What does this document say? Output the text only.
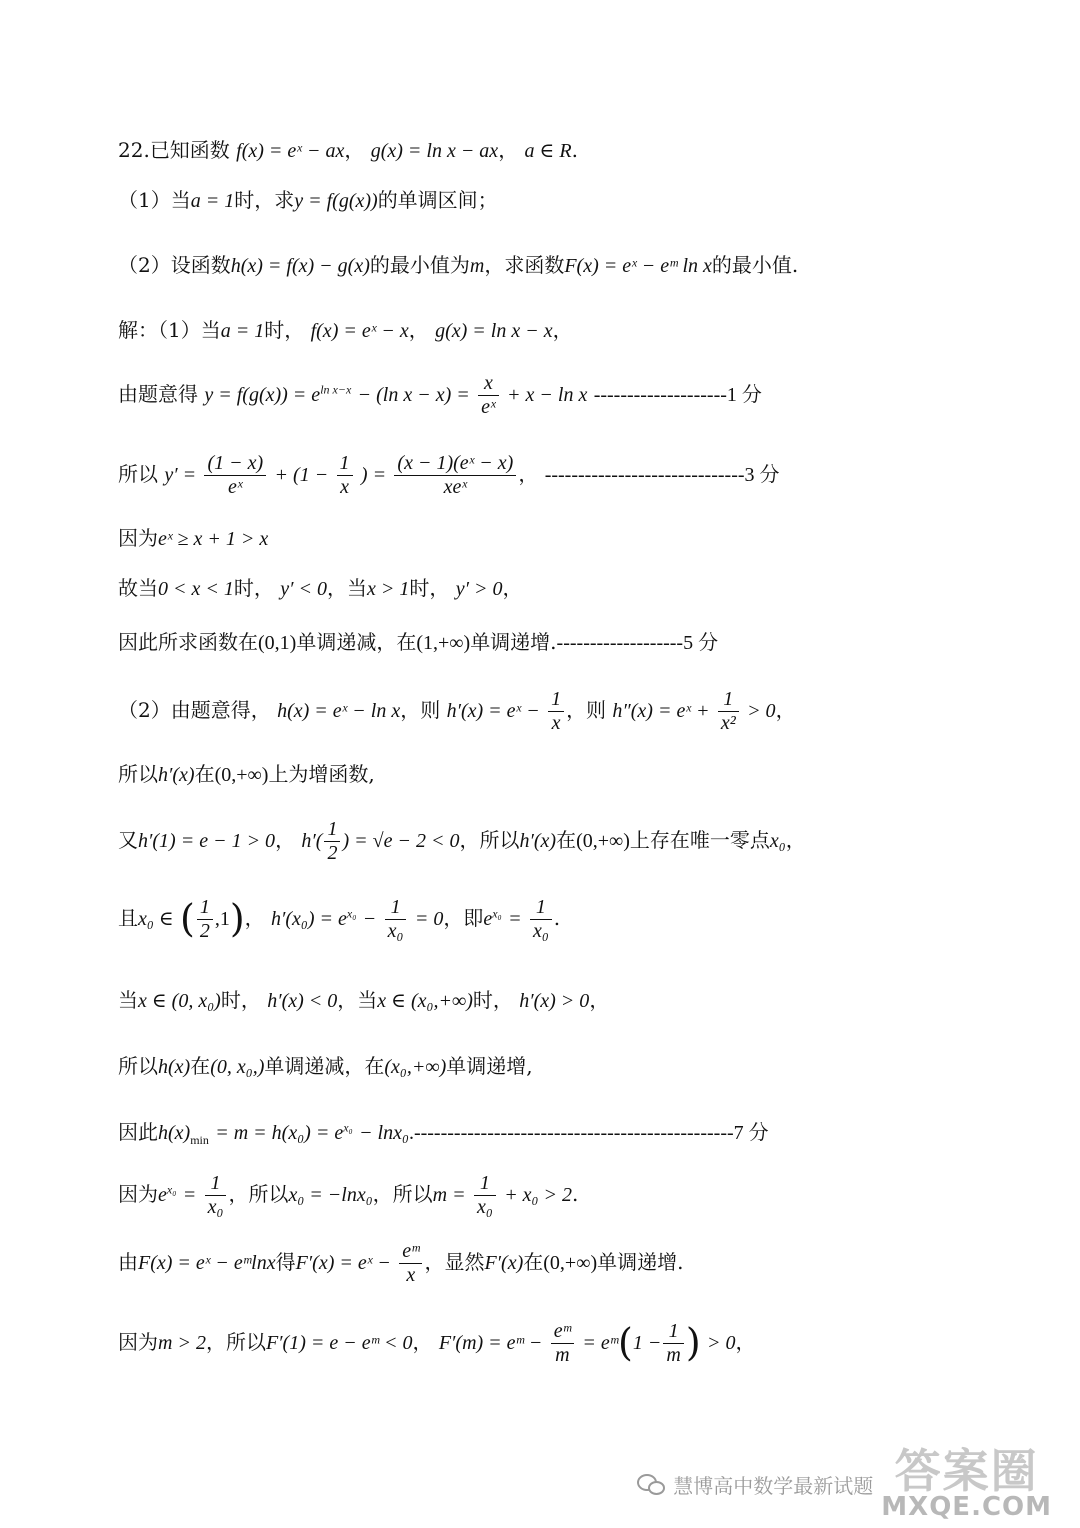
22.已知函数 f(x) = eˣ − ax， g(x) = ln x − ax， a ∈ R.
（1）当a = 1时，求y = f(g(x))的单调区间；
（2）设函数h(x) = f(x) − g(x)的最小值为m，求函数F(x) = eˣ − eᵐ ln x的最小值.
解：（1）当a = 1时， f(x) = eˣ − x， g(x) = ln x − x，
由题意得 $y = f(g(x)) = e^{ln x-x} - (\ln$ $x - x) = \frac{x}{\text{eˣ}} + x - \ln x$ --------------------1 分
所以 $y' = \frac{(1 - x)}{\text{eˣ}} + (1 - \frac{1}{x}$ ) = $\frac{\text{(x − 1)(eˣ − x)}}{\text{xeˣ}}$ ， ------------------------------3 分
因为eˣ ≥ x + 1 > x
故当0 < x < 1时， y′ < 0，当x > 1时， y′ > 0，
因此所求函数在(0,1)单调递减，在(1,+∞)单调递增.-------------------5 分
（2）由题意得， h(x) = eˣ − ln x，则 h′(x) = eˣ − $\frac{1}{x}$ ，则 h″(x) = eˣ + $\frac{1}{\text{x²}} > 0$，
所以h′(x)在(0,+∞)上为增函数,
又h′(1) = e − 1 > 0， $h'( \frac{1}{2}$ ) = √e − 2 < 0，所以h′(x)在(0,+∞)上存在唯一零点x₀，
且x₀ ∈ ( $\frac{1}{2} ,1$)， $h'(x_0) = e^{x_0} - \frac{1}{\text{x₀}} = 0$，即$e^{x_0} = \frac{1}{\text{x₀}}$ .
当x ∈ (0, x₀)时， h′(x) < 0，当x ∈ (x₀,+∞)时， h′(x) > 0，
所以h(x)在(0, x₀,)单调递减，在(x₀,+∞)单调递增,
因此$h(x)_{min} = m = h(x_0) = e^{x_0} - \ln x_0.------------------------------------------------7$ 分
因为$e^{x_0} = \frac{1}{\text{x₀}}$ ，所以x₀ = −lnx₀，所以$m = \frac{1}{\text{x₀}} + x_0 > 2$.
由F(x) = eˣ − eᵐlnx得F′(x) = eˣ − $\frac{\text{eᵐ}}{x}$ ，显然F′(x)在(0,+∞)单调递增.
因为m > 2，所以F′(1) = e − eᵐ < 0， F′(m) = eᵐ − $\frac{\text{eᵐ}}{m}$ = eᵐ(1 − $\frac{1}{m}$ ) > 0，
慧博高中数学最新试题 答案圈
MXQE.COM
